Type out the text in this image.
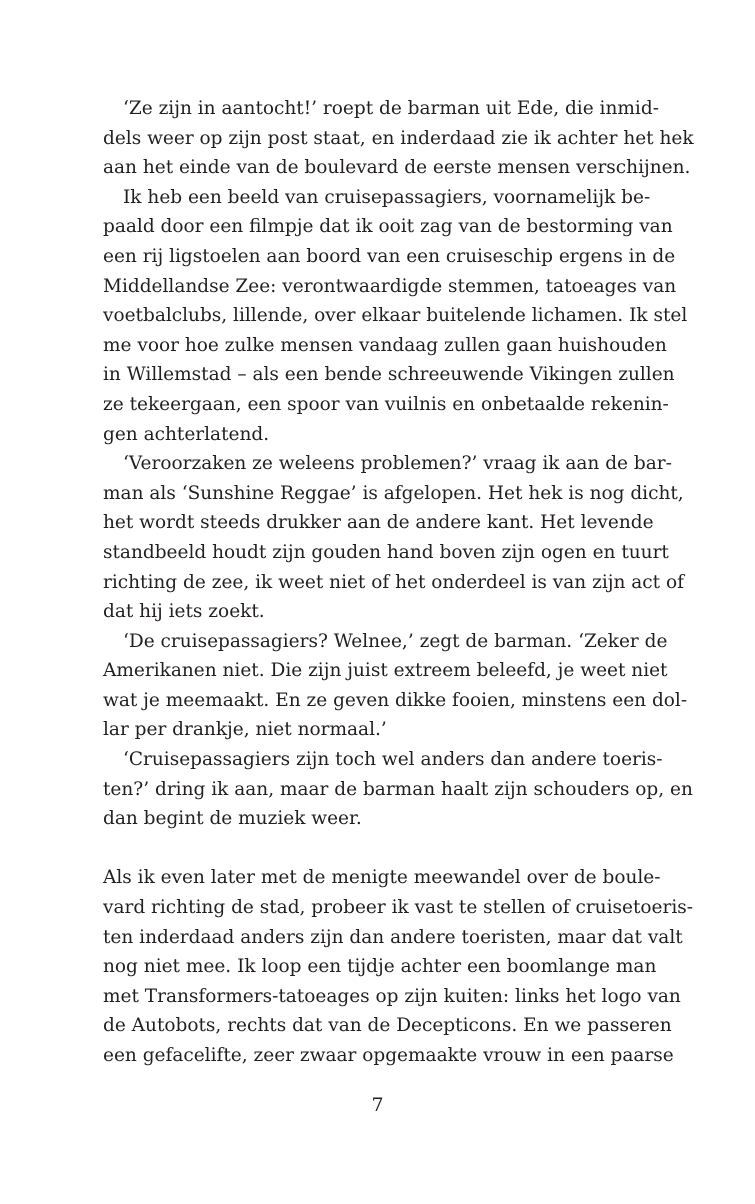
‘Ze zijn in aantocht!’ roept de barman uit Ede, die inmid-
dels weer op zijn post staat, en inderdaad zie ik achter het hek
aan het einde van de boulevard de eerste mensen verschijnen.
Ik heb een beeld van cruisepassagiers, voornamelijk be-
paald door een filmpje dat ik ooit zag van de bestorming van
een rij ligstoelen aan boord van een cruiseschip ergens in de
Middellandse Zee: verontwaardigde stemmen, tatoeages van
voetbalclubs, lillende, over elkaar buitelende lichamen. Ik stel
me voor hoe zulke mensen vandaag zullen gaan huishouden
in Willemstad – als een bende schreeuwende Vikingen zullen
ze tekeergaan, een spoor van vuilnis en onbetaalde rekenin-
gen achterlatend.
‘Veroorzaken ze weleens problemen?’ vraag ik aan de bar-
man als ‘Sunshine Reggae’ is afgelopen. Het hek is nog dicht,
het wordt steeds drukker aan de andere kant. Het levende
standbeeld houdt zijn gouden hand boven zijn ogen en tuurt
richting de zee, ik weet niet of het onderdeel is van zijn act of
dat hij iets zoekt.
‘De cruisepassagiers? Welnee,’ zegt de barman. ‘Zeker de
Amerikanen niet. Die zijn juist extreem beleefd, je weet niet
wat je meemaakt. En ze geven dikke fooien, minstens een dol-
lar per drankje, niet normaal.’
‘Cruisepassagiers zijn toch wel anders dan andere toeris-
ten?’ dring ik aan, maar de barman haalt zijn schouders op, en
dan begint de muziek weer.
Als ik even later met de menigte meewandel over de boule-
vard richting de stad, probeer ik vast te stellen of cruisetoeris-
ten inderdaad anders zijn dan andere toeristen, maar dat valt
nog niet mee. Ik loop een tijdje achter een boomlange man
met Transformers-tatoeages op zijn kuiten: links het logo van
de Autobots, rechts dat van de Decepticons. En we passeren
een gefacelifte, zeer zwaar opgemaakte vrouw in een paarse
7
